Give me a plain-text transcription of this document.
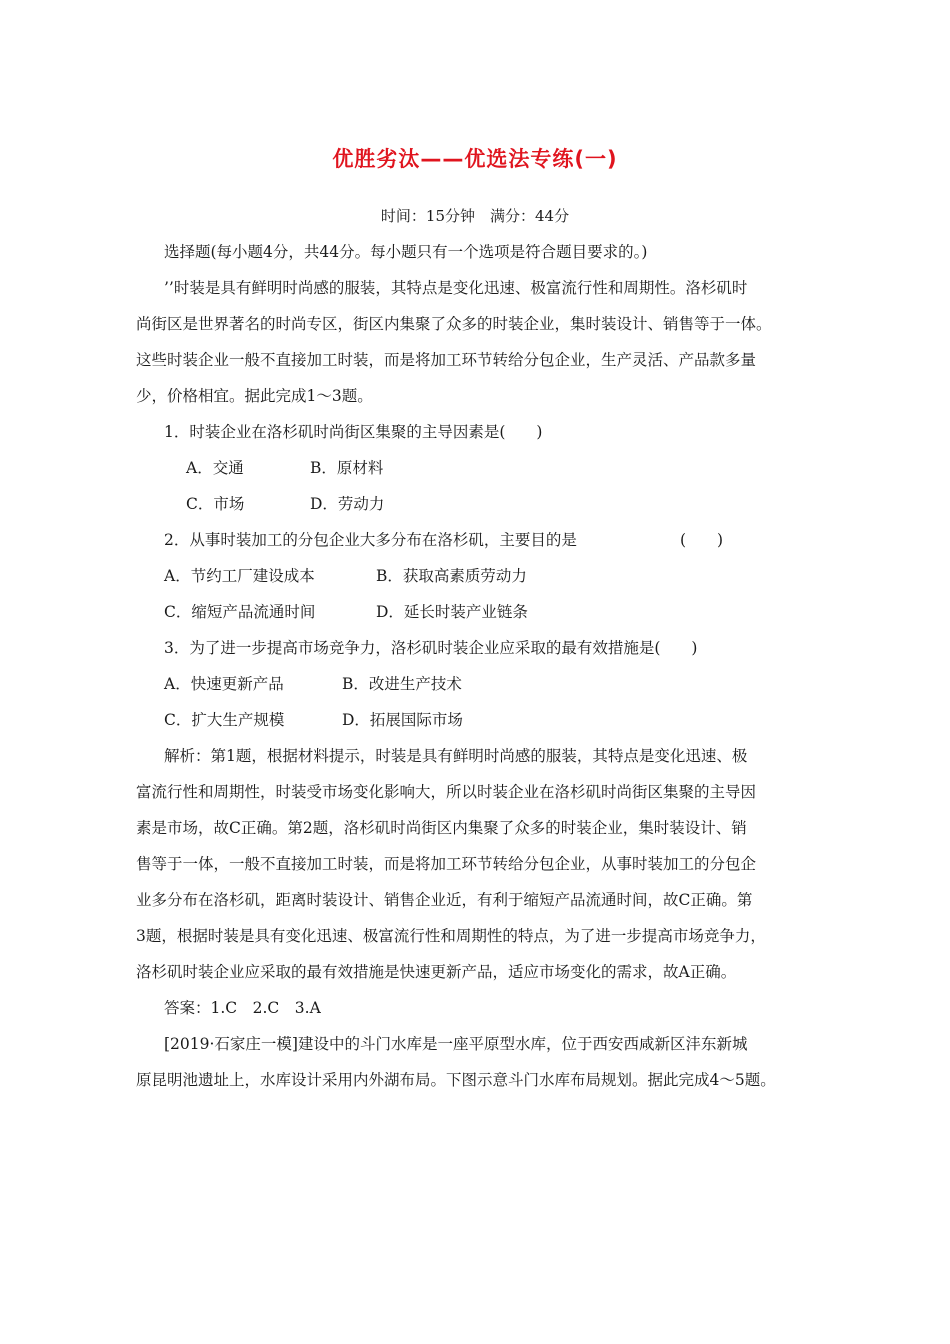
优胜劣汰——优选法专练(一)
时间：15分钟　满分：44分
选择题(每小题4分，共44分。每小题只有一个选项是符合题目要求的。)
’’时装是具有鲜明时尚感的服装，其特点是变化迅速、极富流行性和周期性。洛杉矶时
尚街区是世界著名的时尚专区，街区内集聚了众多的时装企业，集时装设计、销售等于一体。
这些时装企业一般不直接加工时装，而是将加工环节转给分包企业，生产灵活、产品款多量
少，价格相宜。据此完成1～3题。
1．时装企业在洛杉矶时尚街区集聚的主导因素是(　　)
A．交通	B．原材料
C．市场	D．劳动力
2．从事时装加工的分包企业大多分布在洛杉矶，主要目的是	(　　)
A．节约工厂建设成本	B．获取高素质劳动力
C．缩短产品流通时间	D．延长时装产业链条
3．为了进一步提高市场竞争力，洛杉矶时装企业应采取的最有效措施是(　　)
A．快速更新产品	B．改进生产技术
C．扩大生产规模	D．拓展国际市场
解析：第1题，根据材料提示，时装是具有鲜明时尚感的服装，其特点是变化迅速、极
富流行性和周期性，时装受市场变化影响大，所以时装企业在洛杉矶时尚街区集聚的主导因
素是市场，故C正确。第2题，洛杉矶时尚街区内集聚了众多的时装企业，集时装设计、销
售等于一体，一般不直接加工时装，而是将加工环节转给分包企业，从事时装加工的分包企
业多分布在洛杉矶，距离时装设计、销售企业近，有利于缩短产品流通时间，故C正确。第
3题，根据时装是具有变化迅速、极富流行性和周期性的特点，为了进一步提高市场竞争力，
洛杉矶时装企业应采取的最有效措施是快速更新产品，适应市场变化的需求，故A正确。
答案：1.C　2.C　3.A
[2019·石家庄一模]建设中的斗门水库是一座平原型水库，位于西安西咸新区沣东新城
原昆明池遗址上，水库设计采用内外湖布局。下图示意斗门水库布局规划。据此完成4～5题。
